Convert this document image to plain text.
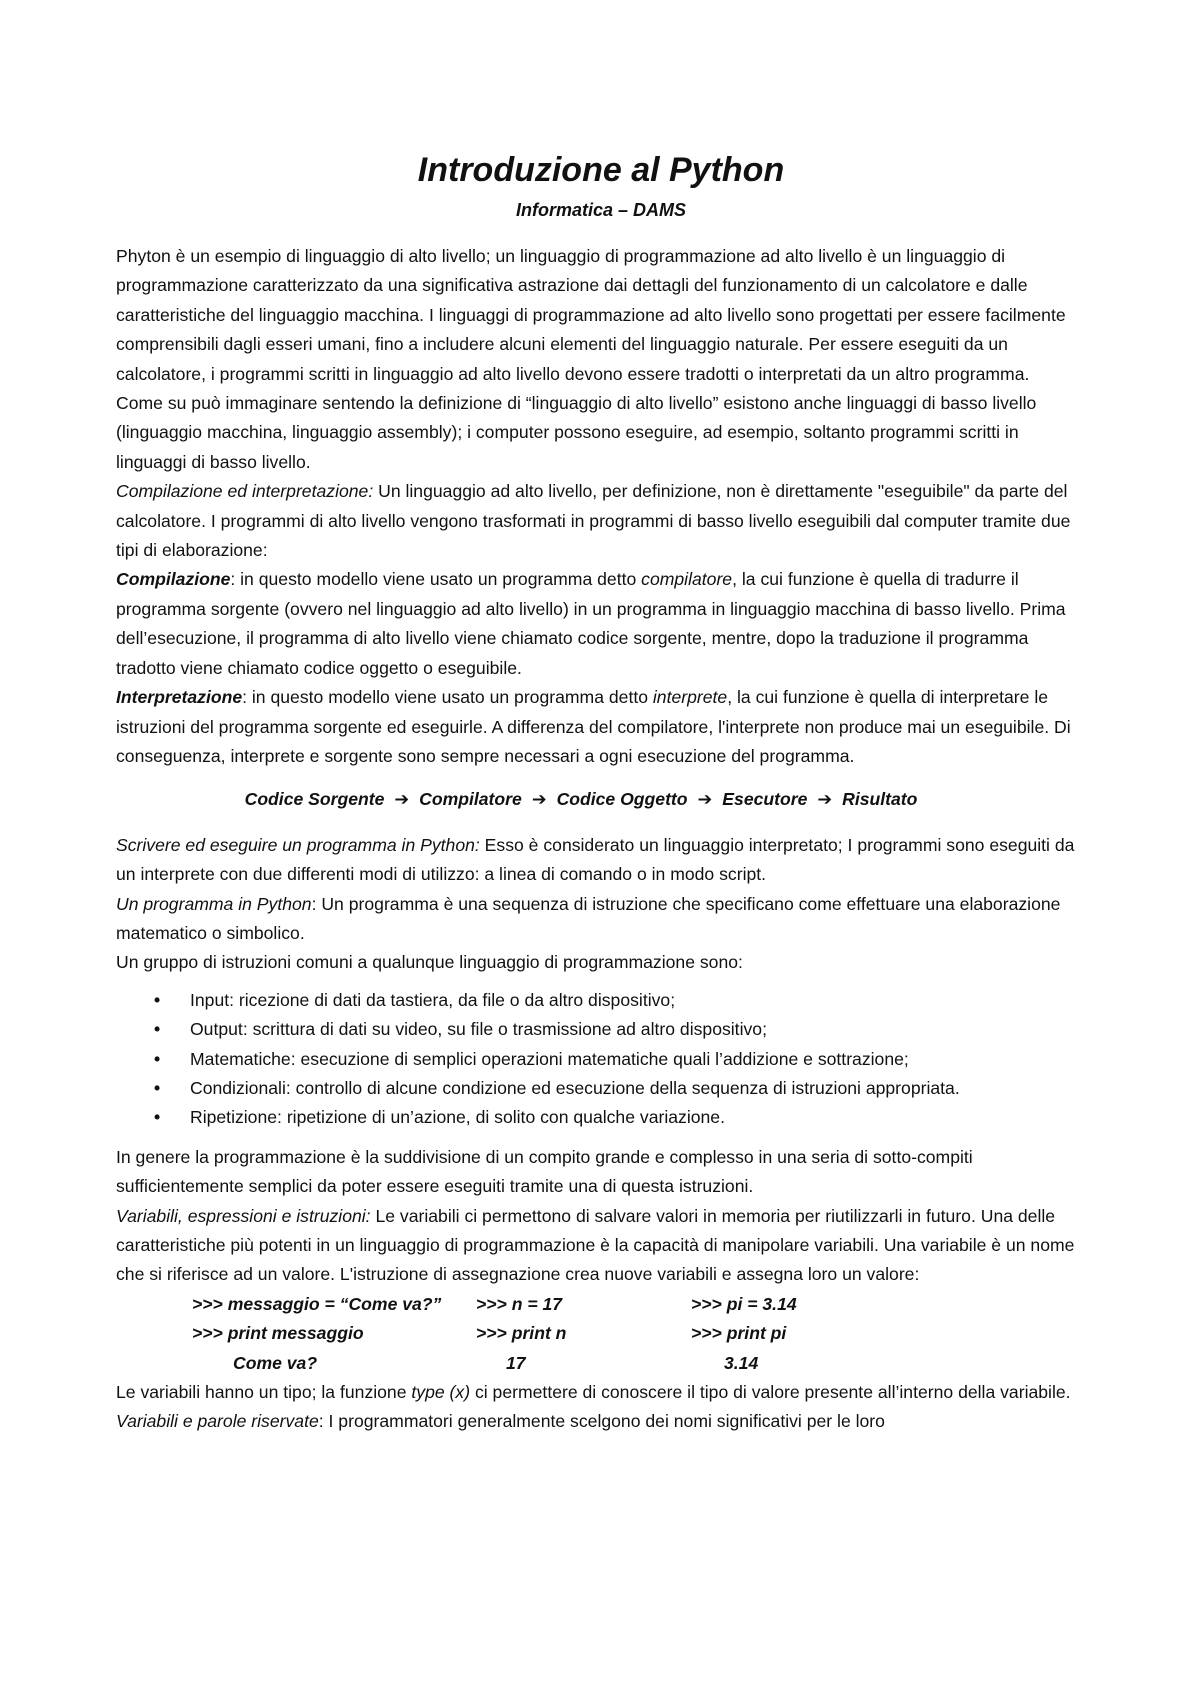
Introduzione al Python
Informatica – DAMS

Phyton è un esempio di linguaggio di alto livello; un linguaggio di programmazione ad alto livello è un linguaggio di programmazione caratterizzato da una significativa astrazione dai dettagli del funzionamento di un calcolatore e dalle caratteristiche del linguaggio macchina. I linguaggi di programmazione ad alto livello sono progettati per essere facilmente comprensibili dagli esseri umani, fino a includere alcuni elementi del linguaggio naturale. Per essere eseguiti da un calcolatore, i programmi scritti in linguaggio ad alto livello devono essere tradotti o interpretati da un altro programma.

Come su può immaginare sentendo la definizione di “linguaggio di alto livello” esistono anche linguaggi di basso livello (linguaggio macchina, linguaggio assembly); i computer possono eseguire, ad esempio, soltanto programmi scritti in linguaggi di basso livello.

Compilazione ed interpretazione: Un linguaggio ad alto livello, per definizione, non è direttamente "eseguibile" da parte del calcolatore. I programmi di alto livello vengono trasformati in programmi di basso livello eseguibili dal computer tramite due tipi di elaborazione:

Compilazione: in questo modello viene usato un programma detto compilatore, la cui funzione è quella di tradurre il programma sorgente (ovvero nel linguaggio ad alto livello) in un programma in linguaggio macchina di basso livello. Prima dell’esecuzione, il programma di alto livello viene chiamato codice sorgente, mentre, dopo la traduzione il programma tradotto viene chiamato codice oggetto o eseguibile.

Interpretazione: in questo modello viene usato un programma detto interprete, la cui funzione è quella di interpretare le istruzioni del programma sorgente ed eseguirle. A differenza del compilatore, l'interprete non produce mai un eseguibile. Di conseguenza, interprete e sorgente sono sempre necessari a ogni esecuzione del programma.

Codice Sorgente ➔ Compilatore ➔ Codice Oggetto ➔ Esecutore ➔ Risultato

Scrivere ed eseguire un programma in Python: Esso è considerato un linguaggio interpretato; I programmi sono eseguiti da un interprete con due differenti modi di utilizzo: a linea di comando o in modo script.

Un programma in Python: Un programma è una sequenza di istruzione che specificano come effettuare una elaborazione matematico o simbolico.

Un gruppo di istruzioni comuni a qualunque linguaggio di programmazione sono:

• Input: ricezione di dati da tastiera, da file o da altro dispositivo;
• Output: scrittura di dati su video, su file o trasmissione ad altro dispositivo;
• Matematiche: esecuzione di semplici operazioni matematiche quali l’addizione e sottrazione;
• Condizionali: controllo di alcune condizione ed esecuzione della sequenza di istruzioni appropriata.
• Ripetizione: ripetizione di un’azione, di solito con qualche variazione.

In genere la programmazione è la suddivisione di un compito grande e complesso in una seria di sotto-compiti sufficientemente semplici da poter essere eseguiti tramite una di questa istruzioni.

Variabili, espressioni e istruzioni: Le variabili ci permettono di salvare valori in memoria per riutilizzarli in futuro. Una delle caratteristiche più potenti in un linguaggio di programmazione è la capacità di manipolare variabili. Una variabile è un nome che si riferisce ad un valore. L'istruzione di assegnazione crea nuove variabili e assegna loro un valore:

>>> messaggio = “Come va?”	>>> n = 17	>>> pi = 3.14
>>> print messaggio	>>> print n	>>> print pi
Come va?	17	3.14

Le variabili hanno un tipo; la funzione type (x) ci permettere di conoscere il tipo di valore presente all’interno della variabile.

Variabili e parole riservate: I programmatori generalmente scelgono dei nomi significativi per le loro
